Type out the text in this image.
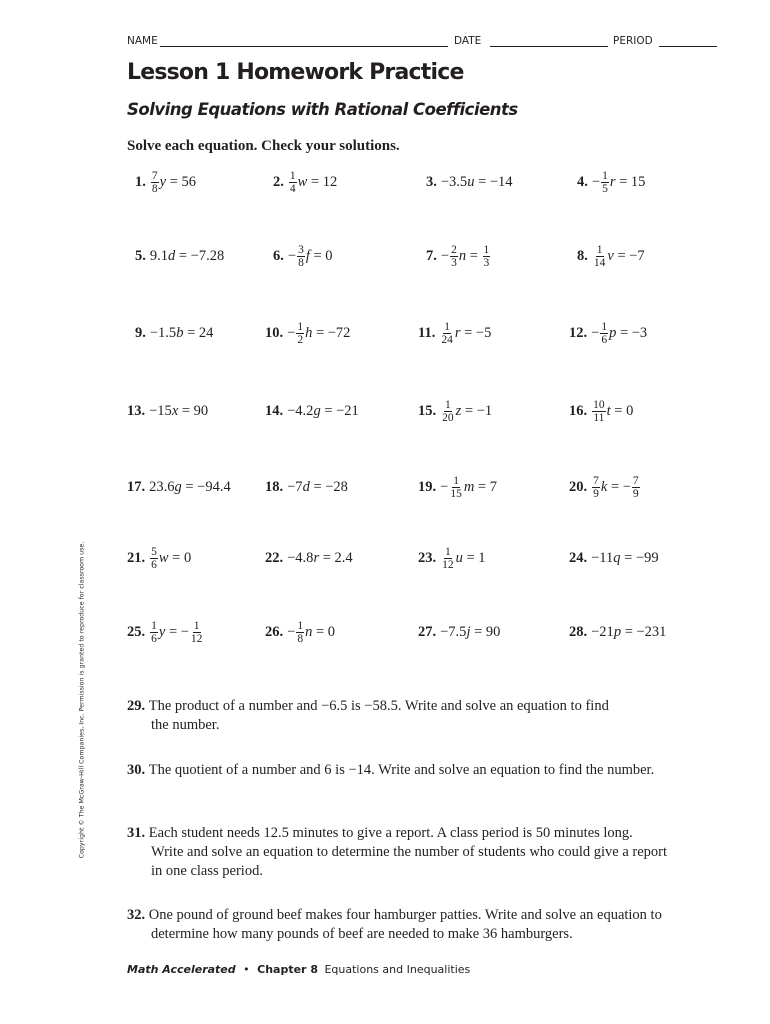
NAME	DATE	PERIOD
Lesson 1 Homework Practice
Solving Equations with Rational Coefficients
Solve each equation. Check your solutions.
1. $\frac{7}{8}$ y = 56	2. $\frac{1}{4}$ w = 12	3. −3.5 u = −14	4. − $\frac{1}{5}$ r = 15
5. 9.1 d = −7.28	6. − $\frac{3}{8}$ f = 0	7. − $\frac{2}{3}$ $n = \frac{1}{3}$	8. $\frac{1}{14}$ v = −7
9. −1.5 b = 24	10. − $\frac{1}{2}$ h = −72	11. $\frac{1}{24}$ r = −5	12. − $\frac{1}{6}$ p = −3
13. −15 x = 90	14. −4.2 g = −21	15. $\frac{1}{20}$ z = −1	16. $\frac{10}{11}$ t = 0
17. 23.6 g = −94.4 18. −7 d = −28	19. − $\frac{1}{15}$ m = 7	20. $\frac{7}{9}$ k = − $\frac{7}{9}$
21. $\frac{5}{6}$ w = 0	22. −4.8 r = 2.4	23. $\frac{1}{12}$ u = 1	24. −11 q = −99
25. $\frac{1}{6}$ y = − $\frac{1}{12}$	26. − $\frac{1}{8}$ n = 0	27. −7.5 j = 90	28. −21 p = −231
29. The product of a number and −6.5 is −58.5. Write and solve an equation to find
the number.
30. The quotient of a number and 6 is −14. Write and solve an equation to find the number.
31. Each student needs 12.5 minutes to give a report. A class period is 50 minutes long.
Write and solve an equation to determine the number of students who could give a report
in one class period.
32. One pound of ground beef makes four hamburger patties. Write and solve an equation to
determine how many pounds of beef are needed to make 36 hamburgers.
Copyright © The McGraw-Hill Companies, Inc. Permission is granted to reproduce for classroom use.
Math Accelerated • Chapter 8 Equations and Inequalities
